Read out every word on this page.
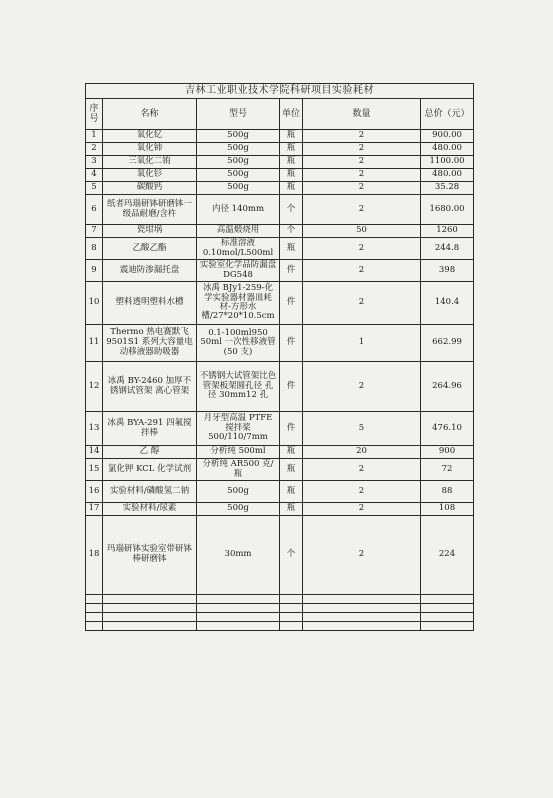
吉林工业职业技术学院科研项目实验耗材					
序号	名称	型号	单位	数量	总价（元）
1	氧化钇	500g	瓶	2	900.00
2	氧化铈	500g	瓶	2	480.00
3	三氧化二铕	500g	瓶	2	1100.00
4	氧化钐	500g	瓶	2	480.00
5	碳酸钙	500g	瓶	2	35.28
6	纸者玛瑙研钵研磨钵一级品耐磨/含杵	内径 140mm	个	2	1680.00
7	瓷坩埚	高温煅烧用	个	50	1260
8	乙酸乙酯	标准溶液 0.10mol/L500ml	瓶	2	244.8
9	震迪防渗漏托盘	实验室化学品防漏盘 DG548	件	2	398
10	塑料透明塑料水槽	冰禹 BJy1-259-化学实验器材器皿耗材-方形水槽/27*20*10.5cm	件	2	140.4
11	Thermo 热电赛默飞 9501S1 系列大容量电动移液器助吸器	0.1-100ml950 50ml 一次性移液管(50 支)	件	1	662.99
12	冰禹 BY-2460 加厚不锈钢试管架 离心管架	不锈钢大试管架比色管架板架圆孔径 孔径 30mm12 孔	件	2	264.96
13	冰禹 BYA-291 四氟搅拌棒	月牙型高温 PTFE 搅拌桨 500/110/7mm	件	5	476.10
14	乙 醇	分析纯 500ml	瓶	20	900
15	氯化钾 KCL 化学试剂	分析纯 AR500 克/瓶	瓶	2	72
16	实验材料/磷酸氢二钠	500g	瓶	2	88
17	实验材料/尿素	500g	瓶	2	108
18	玛瑙研钵实验室带研钵棒研磨钵	30mm	个	2	224
